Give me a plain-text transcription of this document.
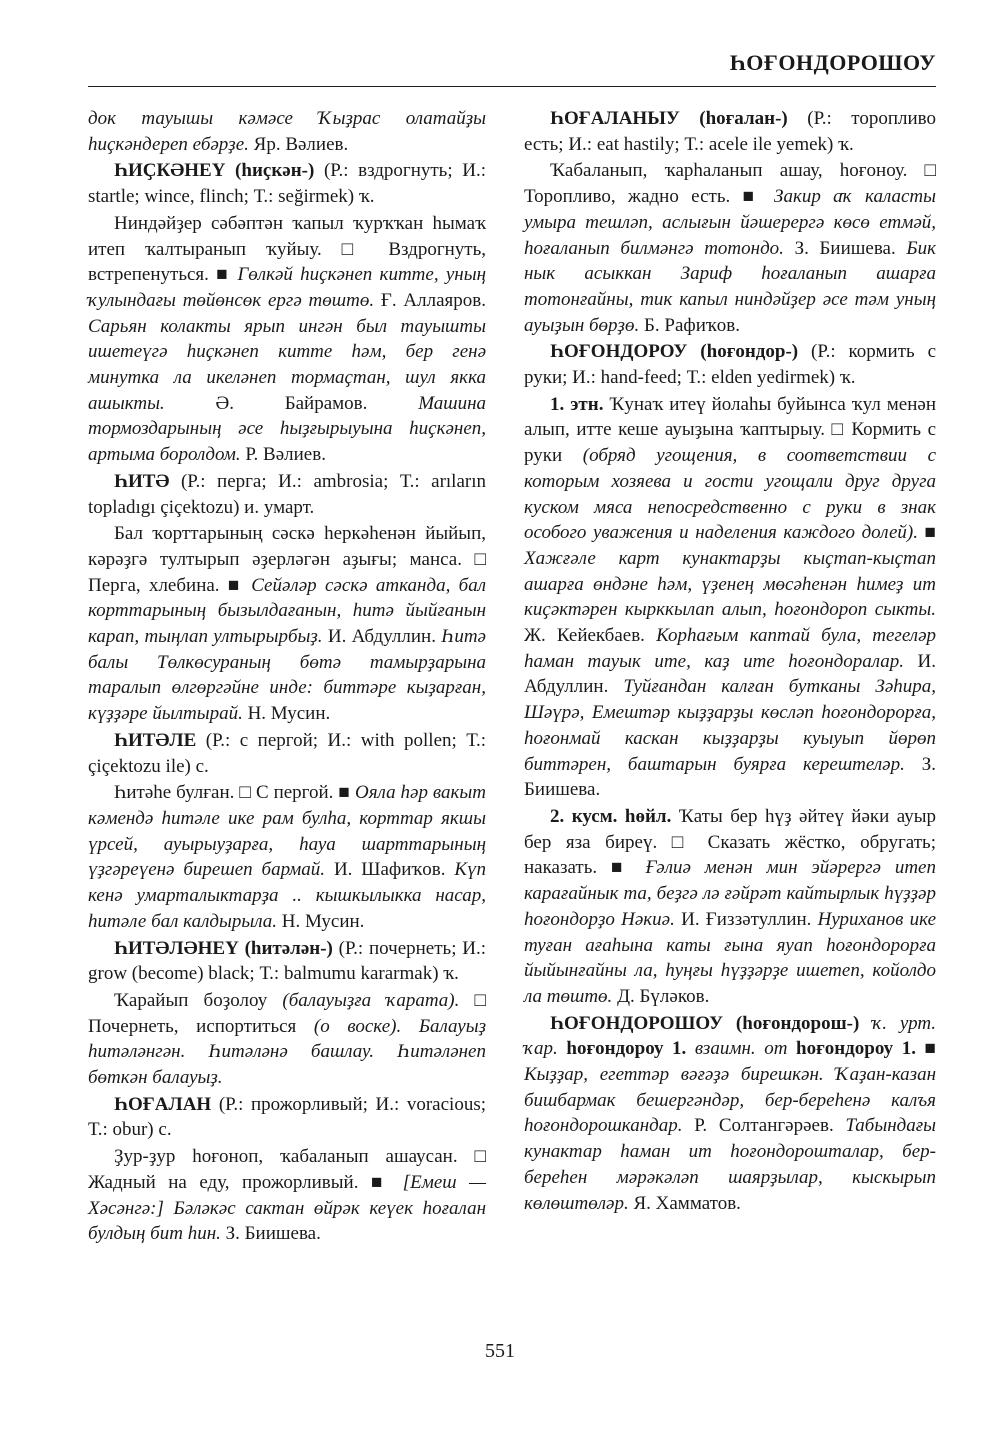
ҺОҒОНДОРОШОУ

док тауышы кәмәсе Ҡыҙрас олатайҙы һиҫкәндереп ебәрҙе. Яр. Вәлиев.

ҺИҪКӘНЕҮ (һиҫкән-) (Р.: вздрогнуть; И.: startle; wince, flinch; Т.: seğirmek) ҡ.

Ниндәйҙер сәбәптән ҡапыл ҡурҡҡан һымаҡ итеп ҡалтыранып ҡуйыу. □ Вздрогнуть, встрепенуться. ■ Гөлкәй һиҫкәнеп китте, уның ҡулындағы төйөнсөк ергә төштө. Ғ. Аллаяров. Сарьян колакты ярып ингән был тауышты ишетеүгә һиҫкәнеп китте һәм, бер генә минутка ла икеләнеп тормаҫтан, шул якка ашыкты.	Ә. Байрамов.	Машина тормоздарының әсе һыҙғырыуына һиҫкәнеп, артыма боролдом. Р. Вәлиев.

ҺИТӘ (Р.: перга; И.: ambrosia; Т.: arıların topladıgı çiçektozu) и. умарт.

Бал ҡорттарының сәскә һеркәһенән йыйып, кәрәҙгә тултырып әҙерләгән аҙығы; манса. □ Перга, хлебина. ■ Сейәләр сәскә атканда, бал корттарының бызылдағанын, һитә йыйғанын карап, тыңлап ултырырбыҙ. И. Абдуллин. Һитә балы Төлкөсураның бөтә тамырҙарына таралып өлгөргәйне инде: биттәре кыҙарған, күҙҙәре йылтырай. Н. Мусин.

ҺИТӘЛЕ (Р.: с пергой; И.: with pollen; Т.: çiçektozu ile) с.

Һитәһе булған. □ С пергой. ■ Ояла һәр вакыт кәмендә һитәле ике рам булһа, корттар якшы үрсей, ауырыуҙарға, һауа шарттарының үҙгәреүенә бирешеп бармай. И. Шафиҡов. Күп кенә умарталыктарҙа .. кышкылыкка насар, һитәле бал калдырыла. Н. Мусин.

ҺИТӘЛӘНЕҮ (һитәлән-) (Р.: почернеть; И.: grow (become) black; Т.: balmumu kararmak) ҡ.

Ҡарайып боҙолоу (балауыҙға ҡарата). □ Почернеть, испортиться (о воске). Балауыҙ һитәләнгән. Һитәләнә башлау. Һитәләнеп бөткән балауыҙ.

ҺОҒАЛАН (Р.: прожорливый; И.: voracious; Т.: obur) с.

Ҙур-ҙур һоғоноп, ҡабаланып ашаусан. □ Жадный на еду, прожорливый. ■ [Емеш — Хәсәнгә:] Бәләкәс сактан өйрәк кеүек һоғалан булдың бит һин. З. Биишева.

ҺОҒАЛАНЫУ (һоғалан-) (Р.: торопливо есть; И.: eat hastily; Т.: acele ile yemek) ҡ.

Ҡабаланып, ҡарһаланып ашау, һоғоноу. □ Торопливо, жадно есть. ■ Закир аҡ каласты умыра тешләп, аслығын йәшерергә көсө етмәй, һоғаланып билмәнгә тотондо. З. Биишева. Бик нык асыккан Зариф һоғаланып ашарға тотонғайны, тик капыл ниндәйҙер әсе тәм уның ауыҙын бөрҙө. Б. Рафиҡов.

ҺОҒОНДОРОУ (һоғондор-) (Р.: кормить с руки; И.: hand-feed; Т.: elden yedirmek) ҡ.

1. этн. Ҡунаҡ итеү йолаһы буйынса ҡул менән алып, итте кеше ауыҙына ҡаптырыу. □ Кормить с руки (обряд угощения, в соответствии с которым хозяева и гости угощали друг друга куском мяса непосредственно с руки в знак особого уважения и наделения каждого долей). ■ Хажғәле карт кунактарҙы кыҫтап-кыҫтап ашарға өндәне һәм, үҙенең мөсәһенән һимеҙ ит киҫәктәрен кырккылап алып, һоғондороп сыкты. Ж. Кейекбаев. Корһағым каптай була, тегеләр һаман тауык ите, каҙ ите һоғондоралар. И. Абдуллин. Туйғандан калған бутканы Зәһира, Шәүрә, Емештәр кыҙҙарҙы көсләп һоғондорорға, һоғонмай каскан кыҙҙарҙы куыуып йөрөп биттәрен, баштарын буярға керештеләр. З. Биишева.

2. кусм. һөйл. Ҡаты бер һүҙ әйтеү йәки ауыр бер яза биреү. □ Сказать жёстко, обругать; наказать. ■ Ғәлиә менән мин эйәрергә итеп карағайнык та, беҙгә лә ғәйрәт кайтырлык һүҙҙәр һоғондорҙо Нәкиә. И. Ғиззәтуллин. Нуриханов ике туған ағаһына каты ғына яуап һоғондорорға йыйынғайны ла, һуңғы һүҙҙәрҙе ишетеп, койолдо ла төштө. Д. Бүләков.

ҺОҒОНДОРОШОУ (һоғондорош-) ҡ. урт. ҡар. һоғондороу 1. взаимн. от һоғондороу 1. ■ Кыҙҙар, егеттәр вәғәҙә бирешкән. Ҡаҙан-казан бишбармак бешергәндәр, бер-береһенә калъя һоғондорошкандар. Р. Солтангәрәев. Табындағы кунактар һаман ит һоғондорошталар, бер-береһен мәрәкәләп шаярҙылар, кыскырып көлөштөләр. Я. Хамматов.

551
